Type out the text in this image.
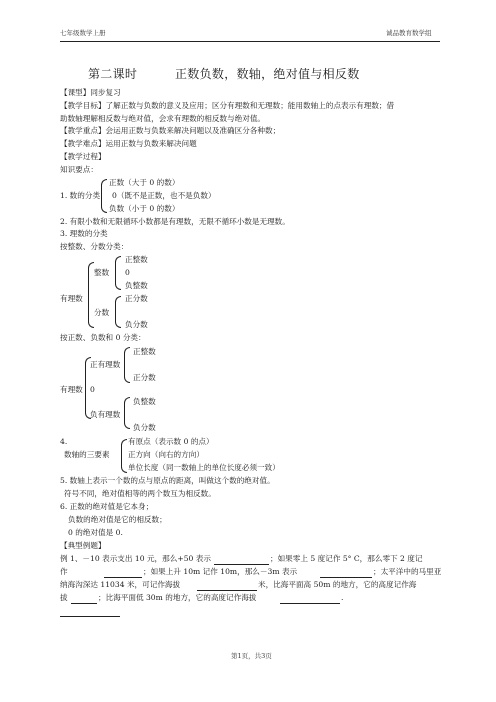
七年级数学上册	诚品教育数学组
第二课时	正数负数，数轴，绝对值与相反数
【课型】同步复习
【教学目标】了解正数与负数的意义及应用；区分有理数和无理数；能用数轴上的点表示有理数；借
助数轴理解相反数与绝对值，会求有理数的相反数与绝对值。
【教学重点】会运用正数与负数来解决问题以及准确区分各种数；
【教学难点】运用正数与负数来解决问题
【教学过程】
知识要点：
1. 数的分类
正数（大于 0 的数）
0（既不是正数，也不是负数）
负数（小于 0 的数）
2. 有限小数和无限循环小数都是有理数，无限不循环小数是无理数。
3. 理数的分类
按整数、分数分类：
有理数
整数
正整数
0
负整数
分数
正分数
负分数
按正数、负数和 0 分类：
有理数
正有理数
正整数
正分数
0
负有理数
负整数
负分数
4.
数轴的三要素
有原点（表示数 0 的点）
正方向（向右的方向）
单位长度（同一数轴上的单位长度必须一致）
5. 数轴上表示一个数的点与原点的距离，叫做这个数的绝对值。
符号不同，绝对值相等的两个数互为相反数。
6. 正数的绝对值是它本身；
负数的绝对值是它的相反数；
0 的绝对值是 0.
【典型例题】
例 1、－10 表示支出 10 元，那么+50 表示	；如果零上 5 度记作 5° C，那么零下 2 度记
作	；如果上升 10m 记作 10m，那么－3m 表示	；太平洋中的马里亚
纳海沟深达 11034 米，可记作海拔	米，比海平面高 50m 的地方，它的高度记作海
拔	；比海平面低 30m 的地方，它的高度记作海拔	.
第1页，共3页
